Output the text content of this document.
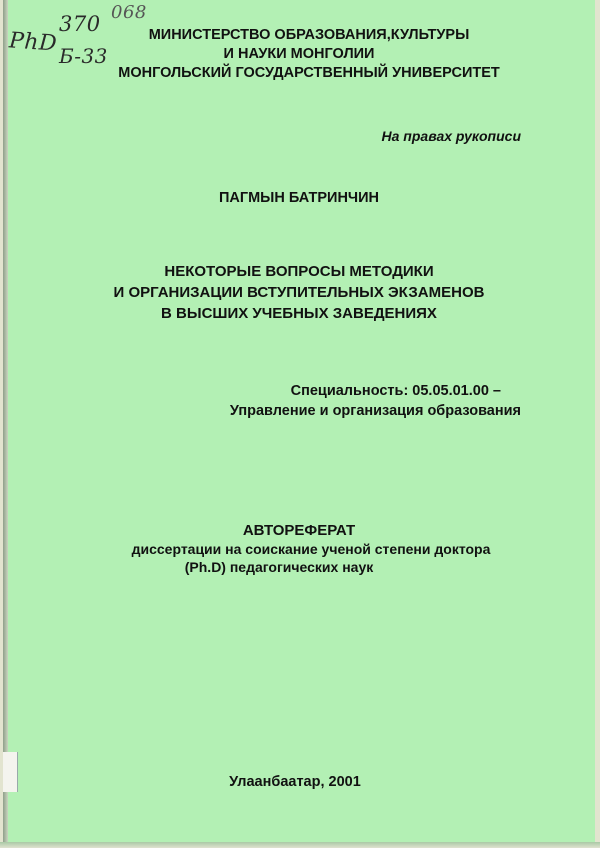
PhD
370 068
Б-33
МИНИСТЕРСТВО ОБРАЗОВАНИЯ,КУЛЬТУРЫ
И НАУКИ МОНГОЛИИ
МОНГОЛЬСКИЙ ГОСУДАРСТВЕННЫЙ УНИВЕРСИТЕТ
На правах рукописи
ПАГМЫН БАТРИНЧИН
НЕКОТОРЫЕ ВОПРОСЫ МЕТОДИКИ
И ОРГАНИЗАЦИИ ВСТУПИТЕЛЬНЫХ ЭКЗАМЕНОВ
В ВЫСШИХ УЧЕБНЫХ ЗАВЕДЕНИЯХ
Специальность: 05.05.01.00 –
Управление и организация образования
АВТОРЕФЕРАТ
диссертации на соискание ученой степени доктора
(Ph.D) педагогических наук
Улаанбаатар, 2001
